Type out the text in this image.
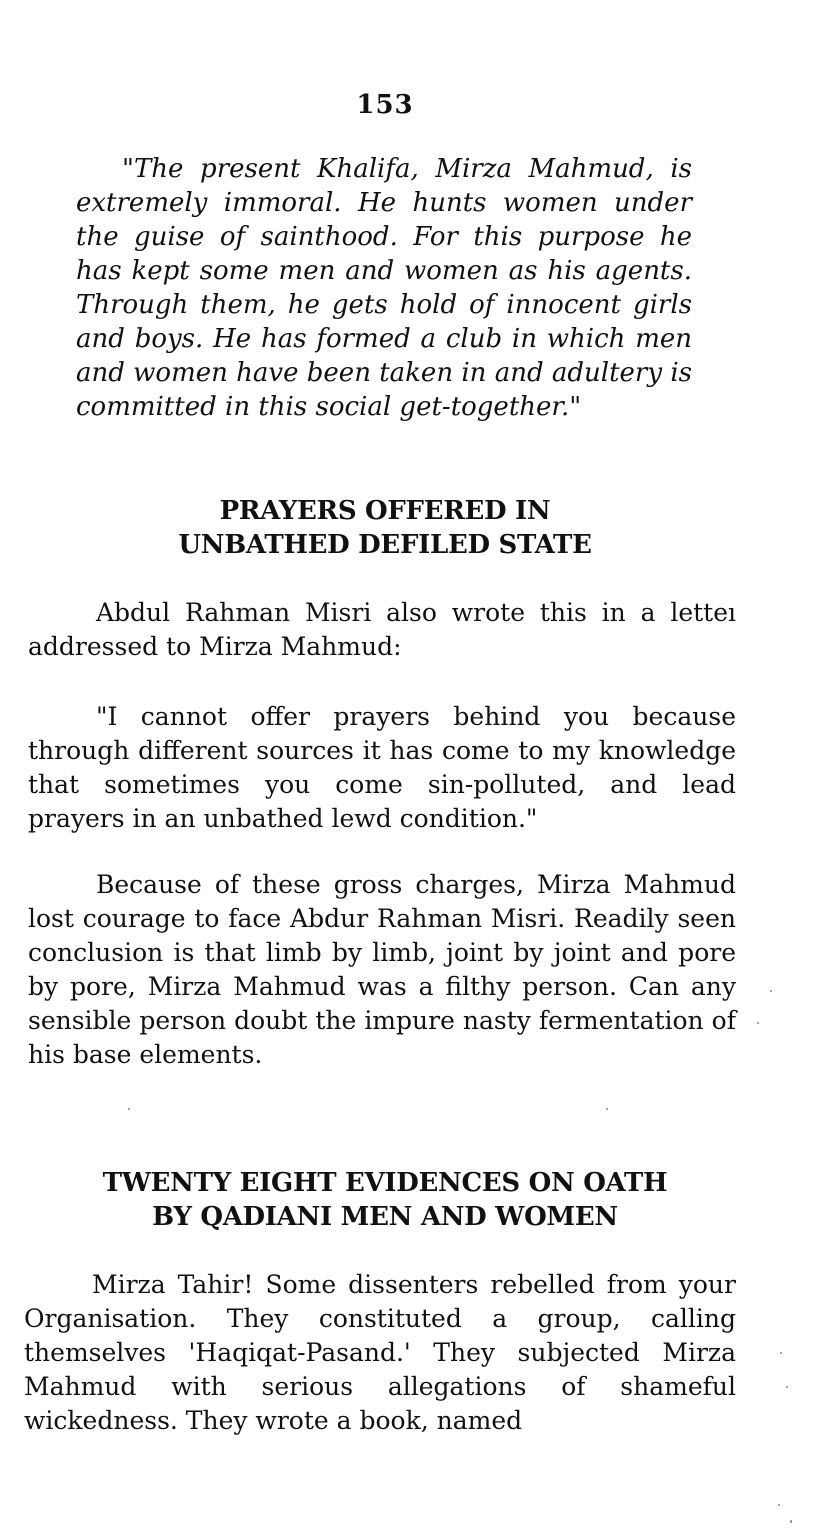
153

"The present Khalifa, Mirza Mahmud, is extremely immoral. He hunts women under the guise of sainthood. For this purpose he has kept some men and women as his agents. Through them, he gets hold of innocent girls and boys. He has formed a club in which men and women have been taken in and adultery is committed in this social get-together."

PRAYERS OFFERED IN
UNBATHED DEFILED STATE

Abdul Rahman Misri also wrote this in a letteı addressed to Mirza Mahmud:

"I cannot offer prayers behind you because through different sources it has come to my knowledge that sometimes you come sin-polluted, and lead prayers in an unbathed lewd condition."

Because of these gross charges, Mirza Mahmud lost courage to face Abdur Rahman Misri. Readily seen conclusion is that limb by limb, joint by joint and pore by pore, Mirza Mahmud was a filthy person. Can any sensible person doubt the impure nasty fermentation of his base elements.

TWENTY EIGHT EVIDENCES ON OATH
BY QADIANI MEN AND WOMEN

Mirza Tahir! Some dissenters rebelled from your Organisation. They constituted a group, calling themselves 'Haqiqat-Pasand.' They subjected Mirza Mahmud with serious allegations of shameful wickedness. They wrote a book, named
